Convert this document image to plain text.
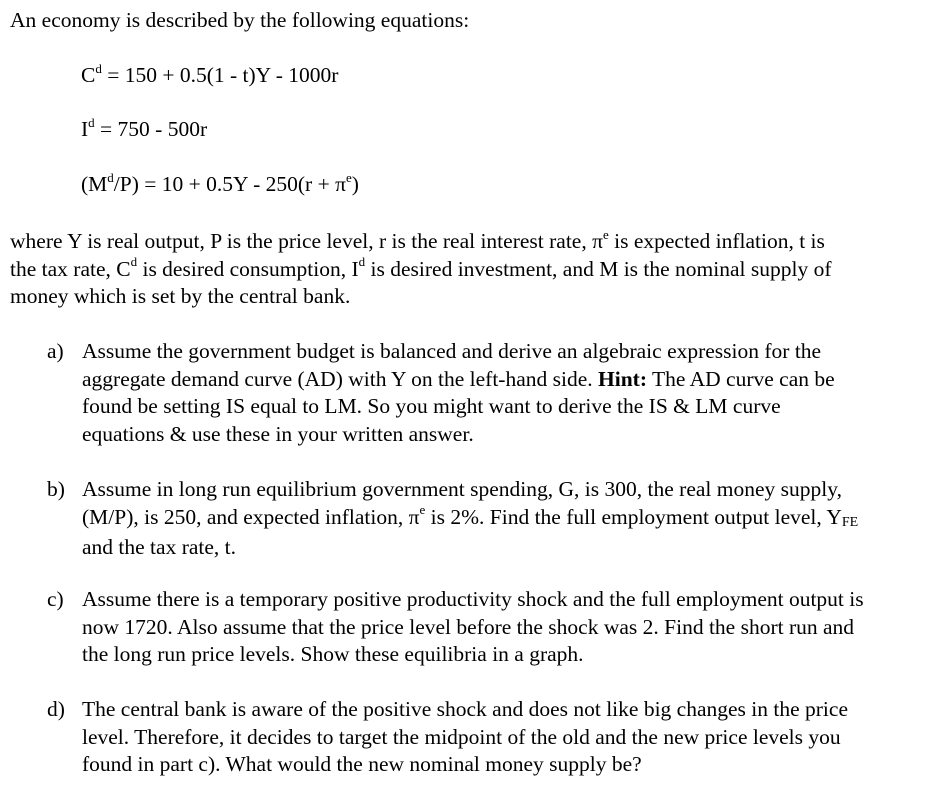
An economy is described by the following equations:
$C^d = 150 + 0.5(1 - t)Y - 1000r$
$I^d = 750 - 500r$
$(M^d/P) = 10 + 0.5Y - 250(r + \pi^e)$
where Y is real output, P is the price level, r is the real interest rate, $\pi^e$ is expected inflation, t is
the tax rate, $C^d$ is desired consumption, $I^d$ is desired investment, and M is the nominal supply of
money which is set by the central bank.
a) Assume the government budget is balanced and derive an algebraic expression for the
aggregate demand curve (AD) with Y on the left-hand side. Hint: The AD curve can be
found be setting IS equal to LM. So you might want to derive the IS & LM curve
equations & use these in your written answer.
b) Assume in long run equilibrium government spending, G, is 300, the real money supply,
(M/P), is 250, and expected inflation, $\pi^e$ is 2%. Find the full employment output level, YFE
and the tax rate, t.
c) Assume there is a temporary positive productivity shock and the full employment output is
now 1720. Also assume that the price level before the shock was 2. Find the short run and
the long run price levels. Show these equilibria in a graph.
d) The central bank is aware of the positive shock and does not like big changes in the price
level. Therefore, it decides to target the midpoint of the old and the new price levels you
found in part c). What would the new nominal money supply be?
